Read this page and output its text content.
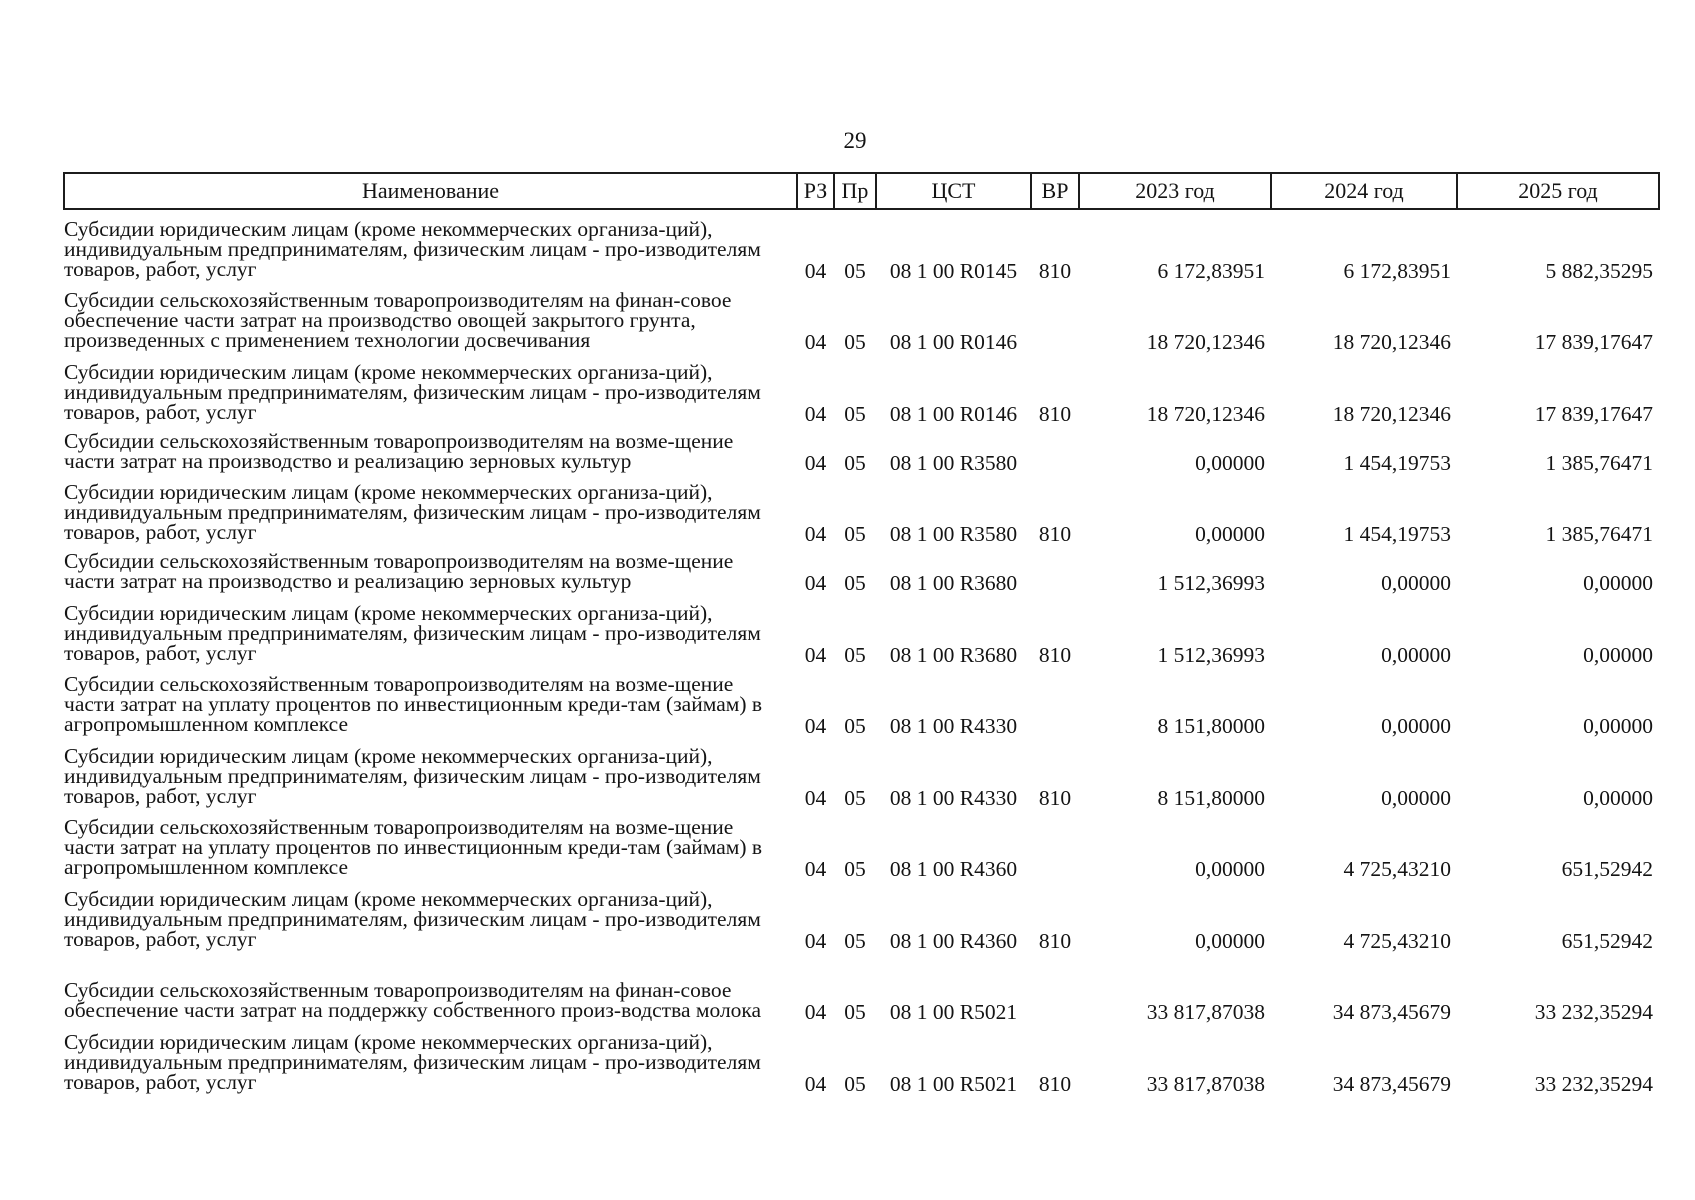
29
Наименование	РЗ	Пр	ЦСТ	ВР	2023 год	2024 год	2025 год
Субсидии юридическим лицам (кроме некоммерческих организа-ций), индивидуальным предпринимателям, физическим лицам - про-изводителям товаров, работ, услуг	04	05	08 1 00 R0145	810	6 172,83951	6 172,83951	5 882,35295
Субсидии сельскохозяйственным товаропроизводителям на финан-совое обеспечение части затрат на производство овощей закрытого грунта, произведенных с применением технологии досвечивания	04	05	08 1 00 R0146		18 720,12346	18 720,12346	17 839,17647
Субсидии юридическим лицам (кроме некоммерческих организа-ций), индивидуальным предпринимателям, физическим лицам - про-изводителям товаров, работ, услуг	04	05	08 1 00 R0146	810	18 720,12346	18 720,12346	17 839,17647
Субсидии сельскохозяйственным товаропроизводителям на возме-щение части затрат на производство и реализацию зерновых культур	04	05	08 1 00 R3580		0,00000	1 454,19753	1 385,76471
Субсидии юридическим лицам (кроме некоммерческих организа-ций), индивидуальным предпринимателям, физическим лицам - про-изводителям товаров, работ, услуг	04	05	08 1 00 R3580	810	0,00000	1 454,19753	1 385,76471
Субсидии сельскохозяйственным товаропроизводителям на возме-щение части затрат на производство и реализацию зерновых культур	04	05	08 1 00 R3680		1 512,36993	0,00000	0,00000
Субсидии юридическим лицам (кроме некоммерческих организа-ций), индивидуальным предпринимателям, физическим лицам - про-изводителям товаров, работ, услуг	04	05	08 1 00 R3680	810	1 512,36993	0,00000	0,00000
Субсидии сельскохозяйственным товаропроизводителям на возме-щение части затрат на уплату процентов по инвестиционным креди-там (займам) в агропромышленном комплексе	04	05	08 1 00 R4330		8 151,80000	0,00000	0,00000
Субсидии юридическим лицам (кроме некоммерческих организа-ций), индивидуальным предпринимателям, физическим лицам - про-изводителям товаров, работ, услуг	04	05	08 1 00 R4330	810	8 151,80000	0,00000	0,00000
Субсидии сельскохозяйственным товаропроизводителям на возме-щение части затрат на уплату процентов по инвестиционным креди-там (займам) в агропромышленном комплексе	04	05	08 1 00 R4360		0,00000	4 725,43210	651,52942
Субсидии юридическим лицам (кроме некоммерческих организа-ций), индивидуальным предпринимателям, физическим лицам - про-изводителям товаров, работ, услуг	04	05	08 1 00 R4360	810	0,00000	4 725,43210	651,52942
Субсидии сельскохозяйственным товаропроизводителям на финан-совое обеспечение части затрат на поддержку собственного произ-водства молока	04	05	08 1 00 R5021		33 817,87038	34 873,45679	33 232,35294
Субсидии юридическим лицам (кроме некоммерческих организа-ций), индивидуальным предпринимателям, физическим лицам - про-изводителям товаров, работ, услуг	04	05	08 1 00 R5021	810	33 817,87038	34 873,45679	33 232,35294
